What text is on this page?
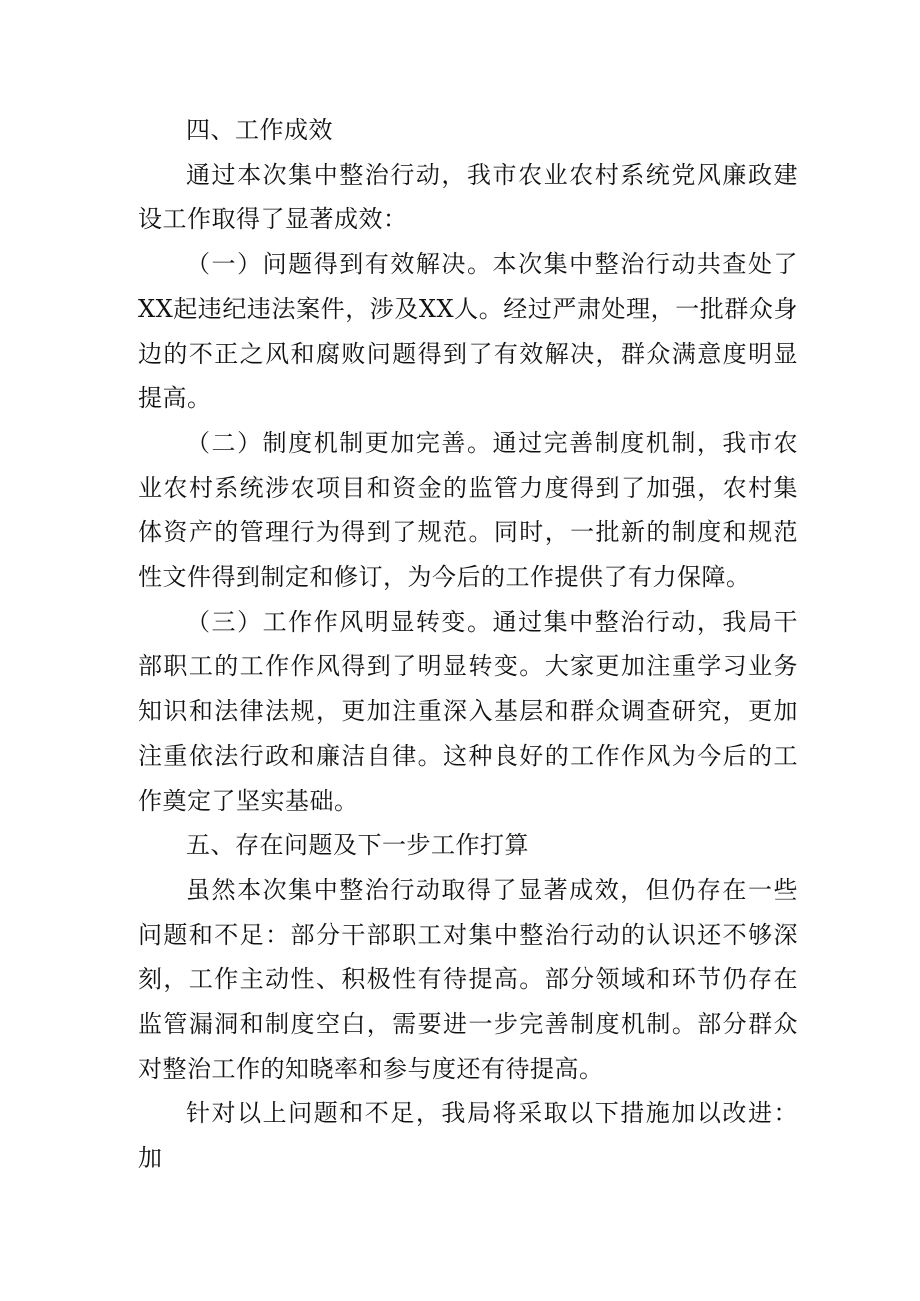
四、工作成效

通过本次集中整治行动，我市农业农村系统党风廉政建设工作取得了显著成效：

（一）问题得到有效解决。本次集中整治行动共查处了XX起违纪违法案件，涉及XX人。经过严肃处理，一批群众身边的不正之风和腐败问题得到了有效解决，群众满意度明显提高。

（二）制度机制更加完善。通过完善制度机制，我市农业农村系统涉农项目和资金的监管力度得到了加强，农村集体资产的管理行为得到了规范。同时，一批新的制度和规范性文件得到制定和修订，为今后的工作提供了有力保障。

（三）工作作风明显转变。通过集中整治行动，我局干部职工的工作作风得到了明显转变。大家更加注重学习业务知识和法律法规，更加注重深入基层和群众调查研究，更加注重依法行政和廉洁自律。这种良好的工作作风为今后的工作奠定了坚实基础。

五、存在问题及下一步工作打算

虽然本次集中整治行动取得了显著成效，但仍存在一些问题和不足：部分干部职工对集中整治行动的认识还不够深刻，工作主动性、积极性有待提高。部分领域和环节仍存在监管漏洞和制度空白，需要进一步完善制度机制。部分群众对整治工作的知晓率和参与度还有待提高。

针对以上问题和不足，我局将采取以下措施加以改进：加
